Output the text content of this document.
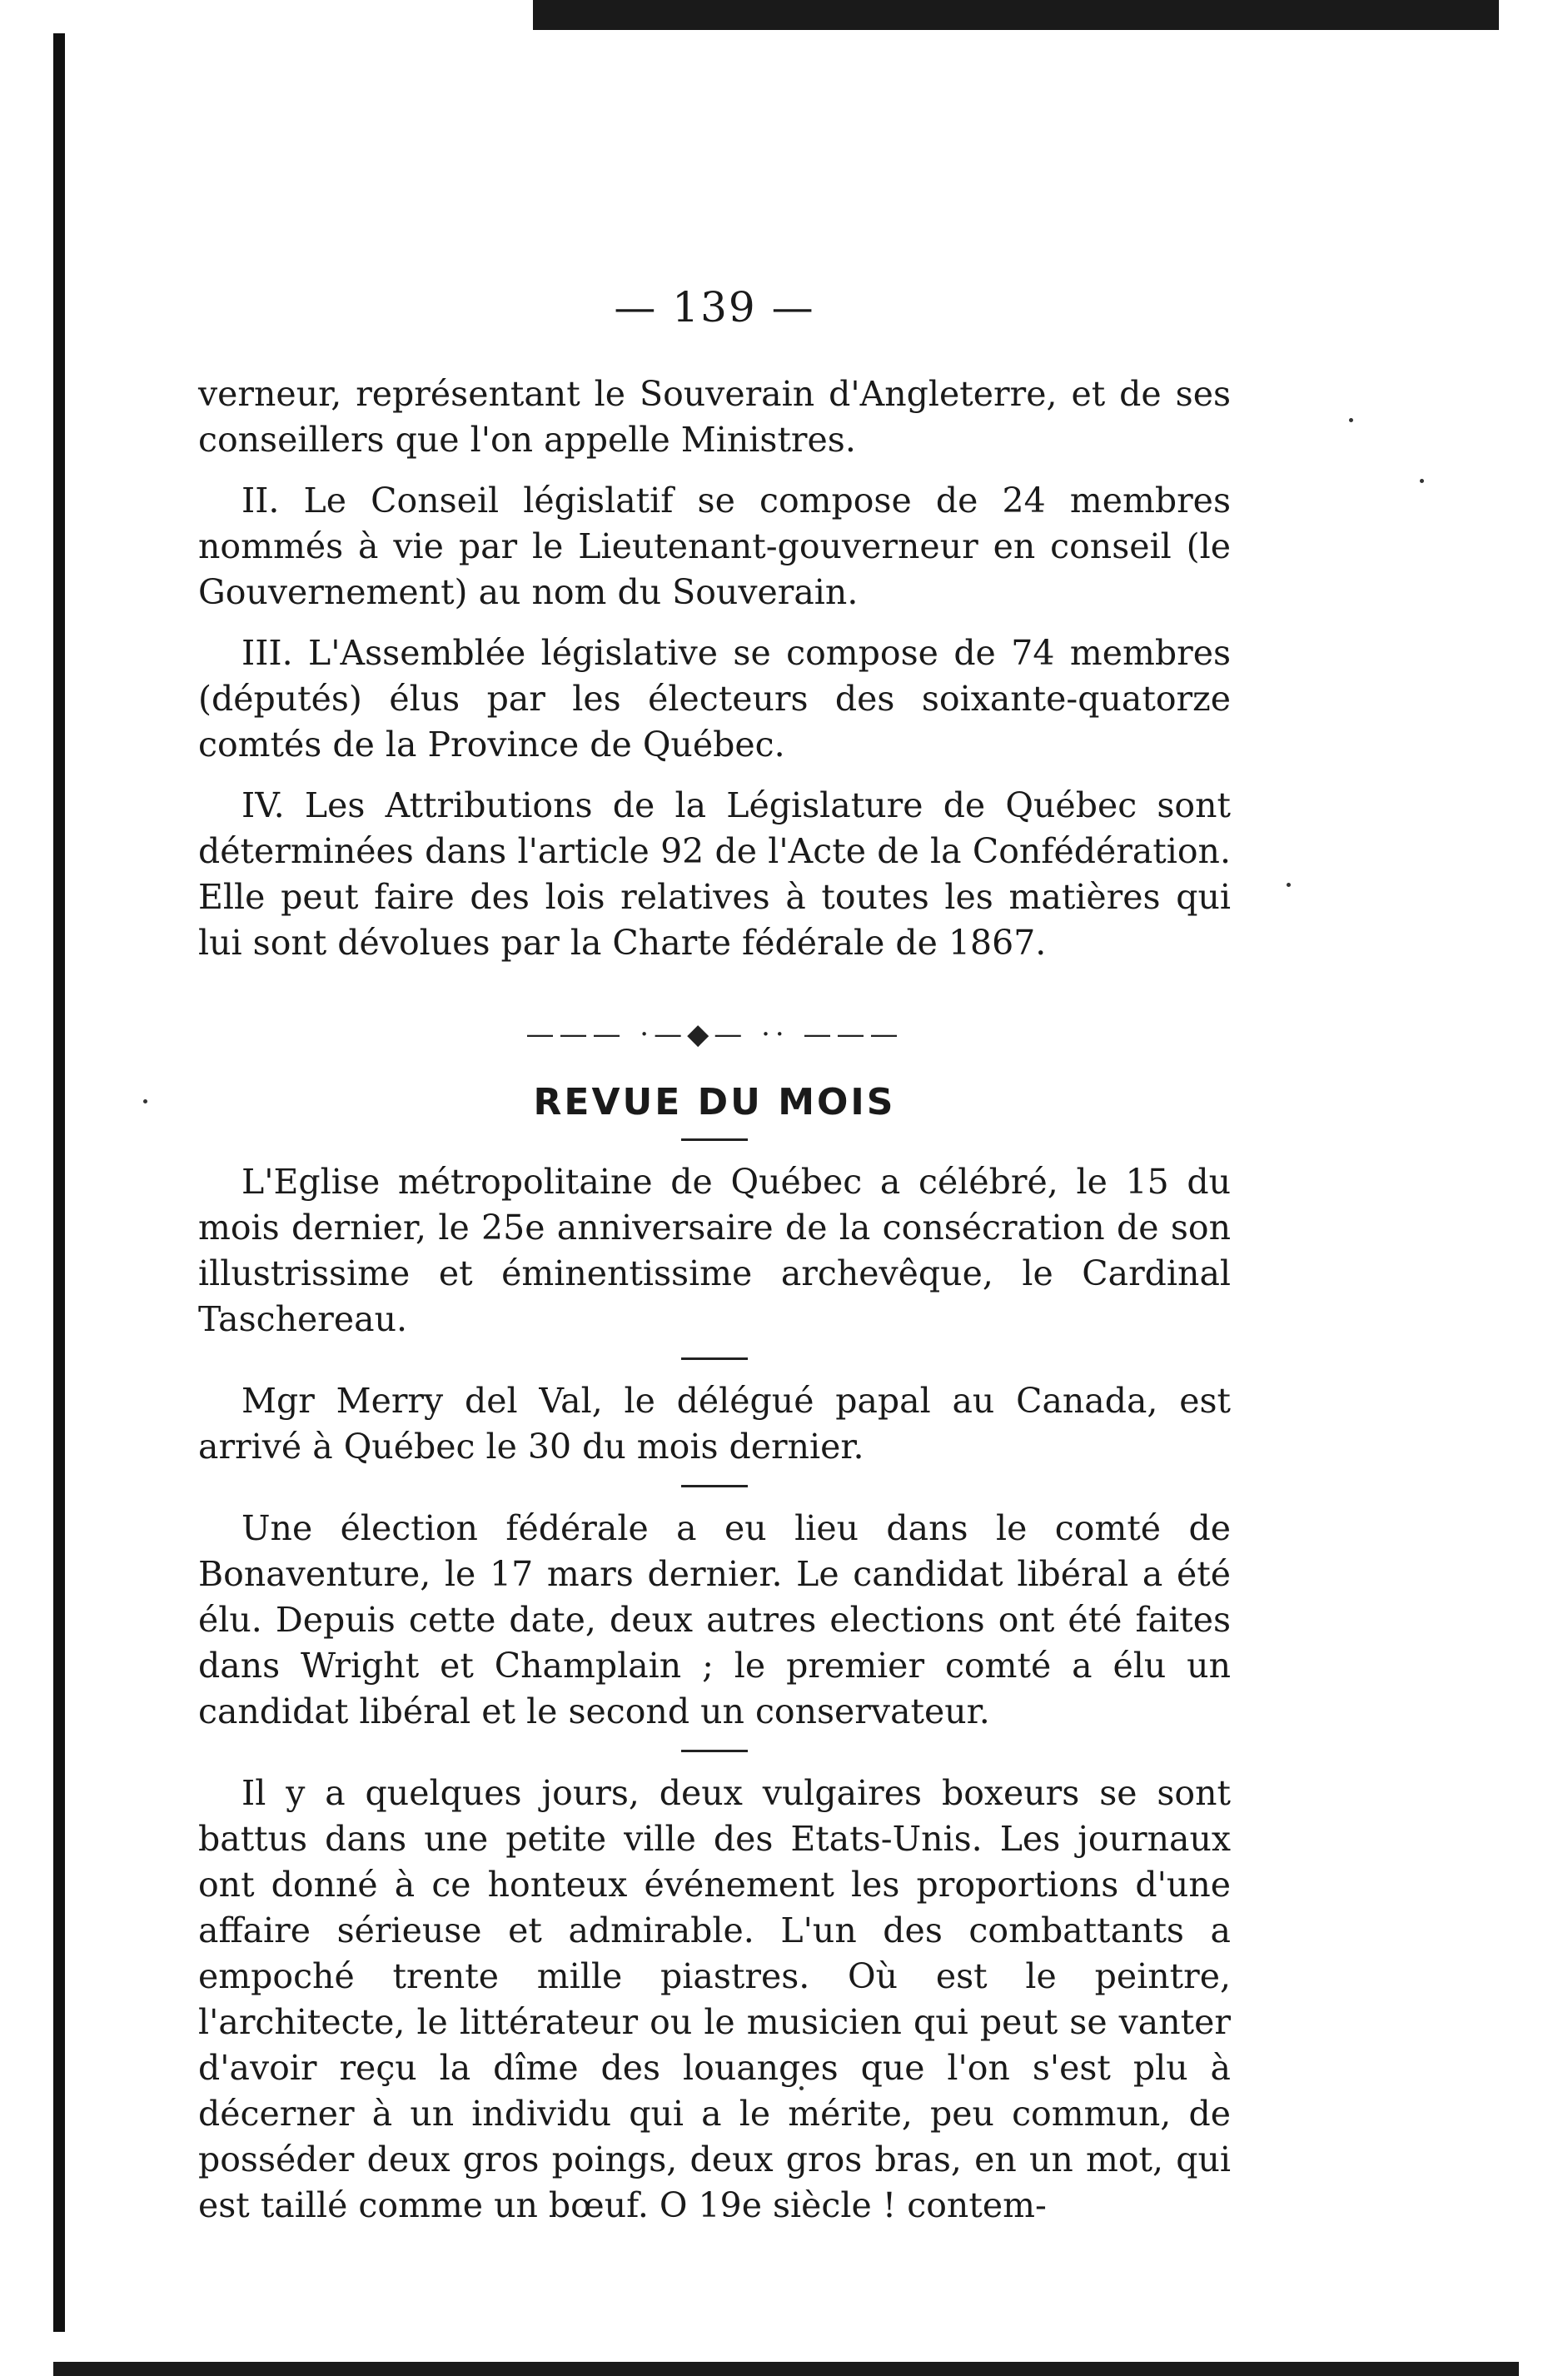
— 139 —

verneur, représentant le Souverain d'Angleterre, et de ses conseillers que l'on appelle Ministres.

II. Le Conseil législatif se compose de 24 membres nommés à vie par le Lieutenant-gouverneur en conseil (le Gouvernement) au nom du Souverain.

III. L'Assemblée législative se compose de 74 membres (députés) élus par les électeurs des soixante-quatorze comtés de la Province de Québec.

IV. Les Attributions de la Législature de Québec sont déterminées dans l'article 92 de l'Acte de la Confédération. Elle peut faire des lois relatives à toutes les matières qui lui sont dévolues par la Charte fédérale de 1867.

——— ·—◆— ·· ———
REVUE DU MOIS

L'Eglise métropolitaine de Québec a célébré, le 15 du mois dernier, le 25e anniversaire de la consécration de son illustrissime et éminentissime archevêque, le Cardinal Taschereau.

Mgr Merry del Val, le délégué papal au Canada, est arrivé à Québec le 30 du mois dernier.

Une élection fédérale a eu lieu dans le comté de Bonaventure, le 17 mars dernier. Le candidat libéral a été élu. Depuis cette date, deux autres elections ont été faites dans Wright et Champlain ; le premier comté a élu un candidat libéral et le second un conservateur.

Il y a quelques jours, deux vulgaires boxeurs se sont battus dans une petite ville des Etats-Unis. Les journaux ont donné à ce honteux événement les proportions d'une affaire sérieuse et admirable. L'un des combattants a empoché trente mille piastres. Où est le peintre, l'architecte, le littérateur ou le musicien qui peut se vanter d'avoir reçu la dîme des louanges que l'on s'est plu à décerner à un individu qui a le mérite, peu commun, de posséder deux gros poings, deux gros bras, en un mot, qui est taillé comme un bœuf. O 19e siècle ! contem-
